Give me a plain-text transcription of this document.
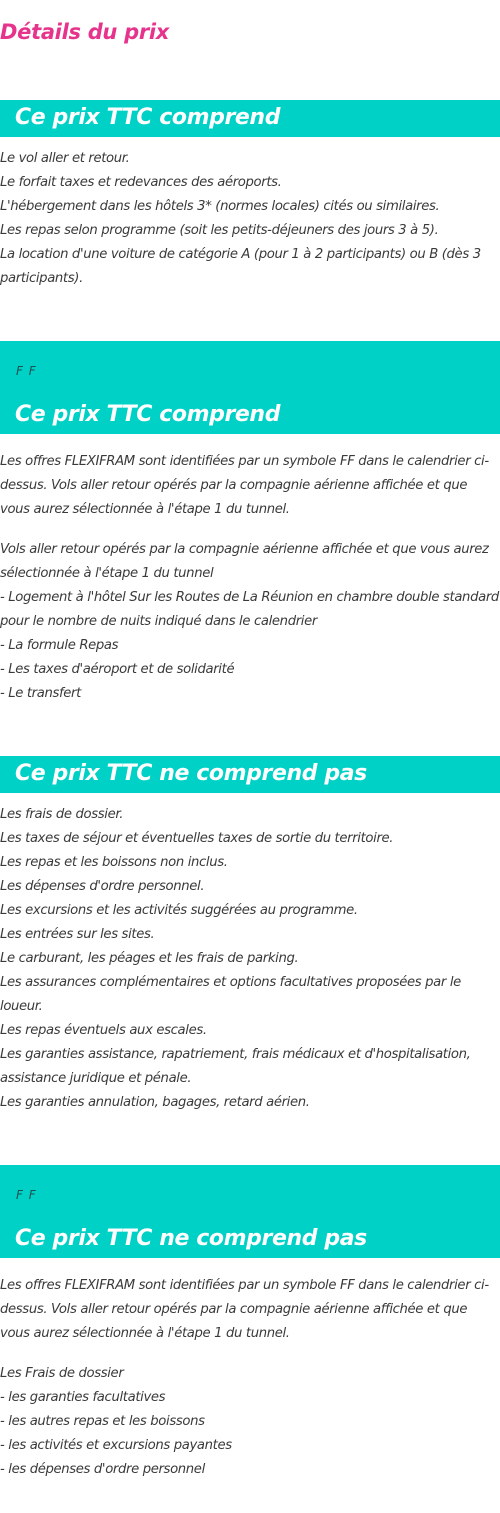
Détails du prix
Ce prix TTC comprend
Le vol aller et retour.
Le forfait taxes et redevances des aéroports.
L'hébergement dans les hôtels 3* (normes locales) cités ou similaires.
Les repas selon programme (soit les petits-déjeuners des jours 3 à 5).
La location d'une voiture de catégorie A (pour 1 à 2 participants) ou B (dès 3 participants).
F F
Ce prix TTC comprend

Les offres FLEXIFRAM sont identifiées par un symbole FF dans le calendrier ci-dessus. Vols aller retour opérés par la compagnie aérienne affichée et que vous aurez sélectionnée à l'étape 1 du tunnel.

Vols aller retour opérés par la compagnie aérienne affichée et que vous aurez sélectionnée à l'étape 1 du tunnel
- Logement à l'hôtel Sur les Routes de La Réunion en chambre double standard pour le nombre de nuits indiqué dans le calendrier
- La formule Repas
- Les taxes d'aéroport et de solidarité
- Le transfert
Ce prix TTC ne comprend pas
Les frais de dossier.
Les taxes de séjour et éventuelles taxes de sortie du territoire.
Les repas et les boissons non inclus.
Les dépenses d'ordre personnel.
Les excursions et les activités suggérées au programme.
Les entrées sur les sites.
Le carburant, les péages et les frais de parking.
Les assurances complémentaires et options facultatives proposées par le loueur.
Les repas éventuels aux escales.
Les garanties assistance, rapatriement, frais médicaux et d'hospitalisation, assistance juridique et pénale.
Les garanties annulation, bagages, retard aérien.
F F
Ce prix TTC ne comprend pas

Les offres FLEXIFRAM sont identifiées par un symbole FF dans le calendrier ci-dessus. Vols aller retour opérés par la compagnie aérienne affichée et que vous aurez sélectionnée à l'étape 1 du tunnel.

Les Frais de dossier
- les garanties facultatives
- les autres repas et les boissons
- les activités et excursions payantes
- les dépenses d'ordre personnel
